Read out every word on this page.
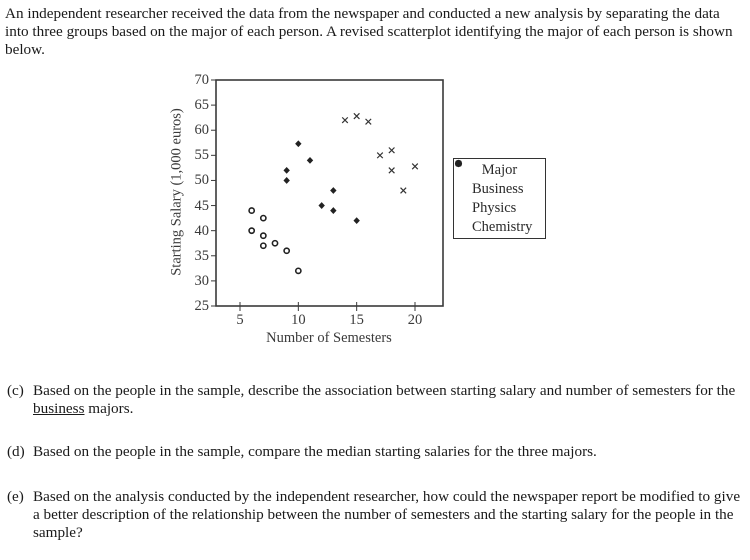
An independent researcher received the data from the newspaper and conducted a new analysis by separating the data into three groups based on the major of each person. A revised scatterplot identifying the major of each person is shown below.

25
30
35
40
45
50
55
60
65
70
5	10	15	20
Starting Salary (1,000 euros)
Number of Semesters
Major
Business
Physics
Chemistry
(c) Based on the people in the sample, describe the association between starting salary and number of semesters for the business majors.
(d) Based on the people in the sample, compare the median starting salaries for the three majors.
(e) Based on the analysis conducted by the independent researcher, how could the newspaper report be modified to give a better description of the relationship between the number of semesters and the starting salary for the people in the sample?
